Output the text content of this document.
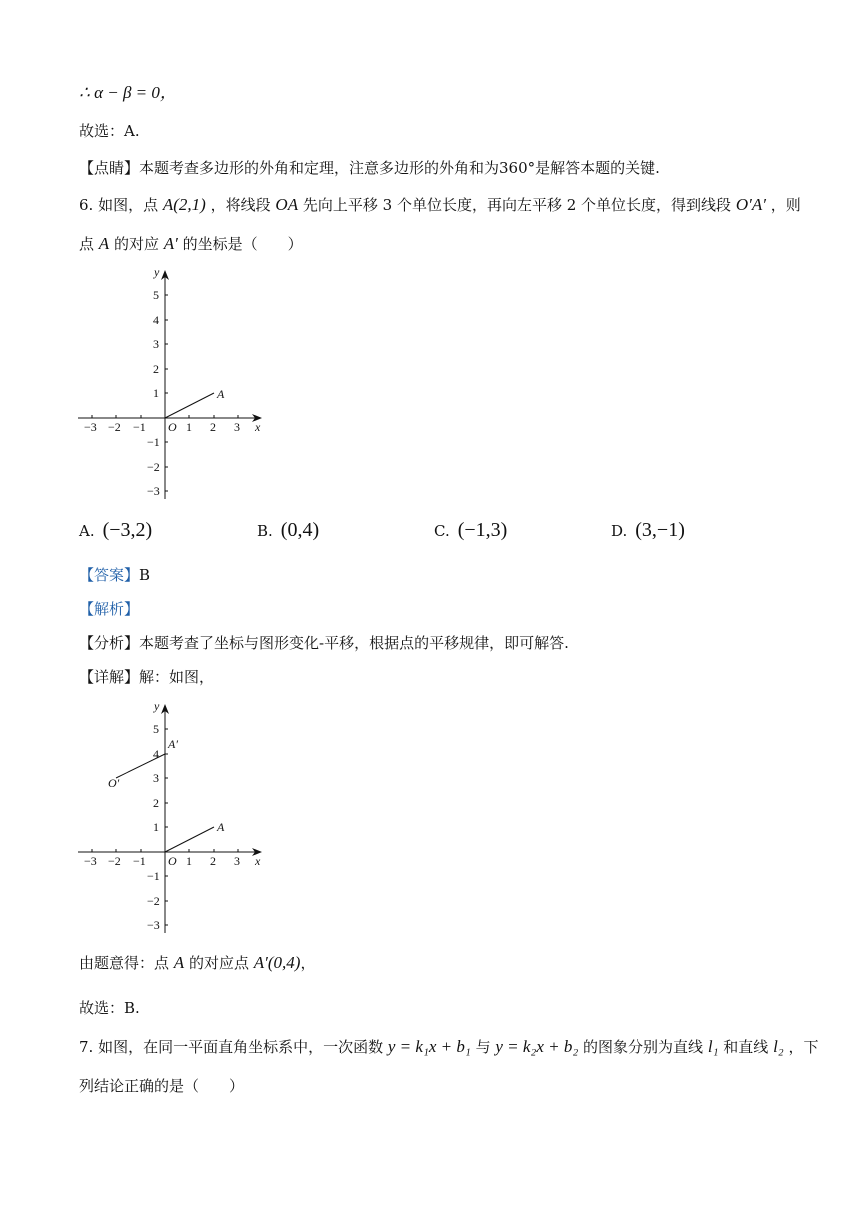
∴ α − β = 0，
故选：A.
【点睛】本题考查多边形的外角和定理，注意多边形的外角和为360°是解答本题的关键.
6. 如图，点 A(2,1) ，将线段 OA 先向上平移 3 个单位长度，再向左平移 2 个单位长度，得到线段 O′A′ ，则
点 A 的对应 A′ 的坐标是（　　）
−3 −2 −1 O 1 2 3 x
y
5
4
3
2
1
−1
−2
−3
A
A. (−3,2)	B. (0,4)	C. (−1,3)	D. (3,−1)
【答案】B
【解析】
【分析】本题考查了坐标与图形变化-平移，根据点的平移规律，即可解答.
【详解】解：如图，
−3 −2 −1 O 1 2 3 x
y
5
4
3
2
1
−1
−2
−3
A
A′
O′
由题意得：点 A 的对应点 A′(0,4)，
故选：B.
7. 如图，在同一平面直角坐标系中，一次函数 y = k₁x + b₁ 与 y = k₂x + b₂ 的图象分别为直线 l₁ 和直线 l₂ ，下
列结论正确的是（　　）
